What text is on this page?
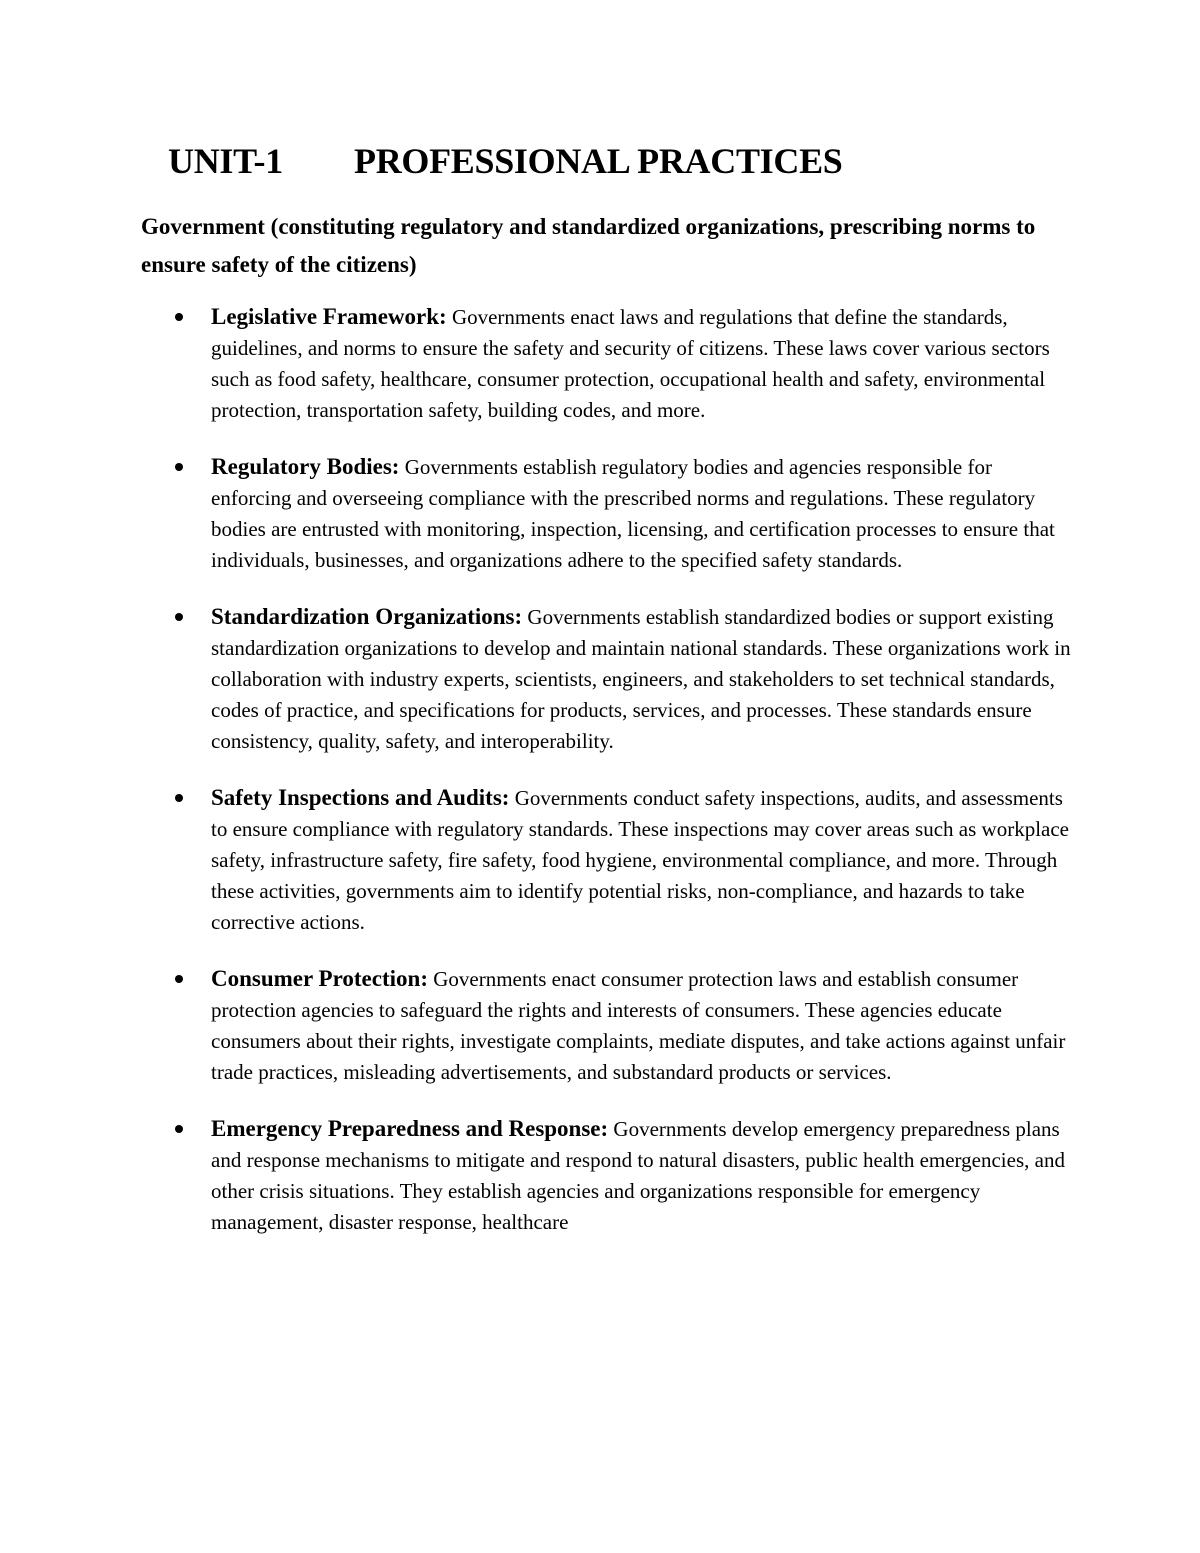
UNIT-1 PROFESSIONAL PRACTICES

Government (constituting regulatory and standardized organizations, prescribing norms to ensure safety of the citizens)

Legislative Framework: Governments enact laws and regulations that define the standards, guidelines, and norms to ensure the safety and security of citizens. These laws cover various sectors such as food safety, healthcare, consumer protection, occupational health and safety, environmental protection, transportation safety, building codes, and more.
Regulatory Bodies: Governments establish regulatory bodies and agencies responsible for enforcing and overseeing compliance with the prescribed norms and regulations. These regulatory bodies are entrusted with monitoring, inspection, licensing, and certification processes to ensure that individuals, businesses, and organizations adhere to the specified safety standards.
Standardization Organizations: Governments establish standardized bodies or support existing standardization organizations to develop and maintain national standards. These organizations work in collaboration with industry experts, scientists, engineers, and stakeholders to set technical standards, codes of practice, and specifications for products, services, and processes. These standards ensure consistency, quality, safety, and interoperability.
Safety Inspections and Audits: Governments conduct safety inspections, audits, and assessments to ensure compliance with regulatory standards. These inspections may cover areas such as workplace safety, infrastructure safety, fire safety, food hygiene, environmental compliance, and more. Through these activities, governments aim to identify potential risks, non-compliance, and hazards to take corrective actions.
Consumer Protection: Governments enact consumer protection laws and establish consumer protection agencies to safeguard the rights and interests of consumers. These agencies educate consumers about their rights, investigate complaints, mediate disputes, and take actions against unfair trade practices, misleading advertisements, and substandard products or services.
Emergency Preparedness and Response: Governments develop emergency preparedness plans and response mechanisms to mitigate and respond to natural disasters, public health emergencies, and other crisis situations. They establish agencies and organizations responsible for emergency management, disaster response, healthcare
